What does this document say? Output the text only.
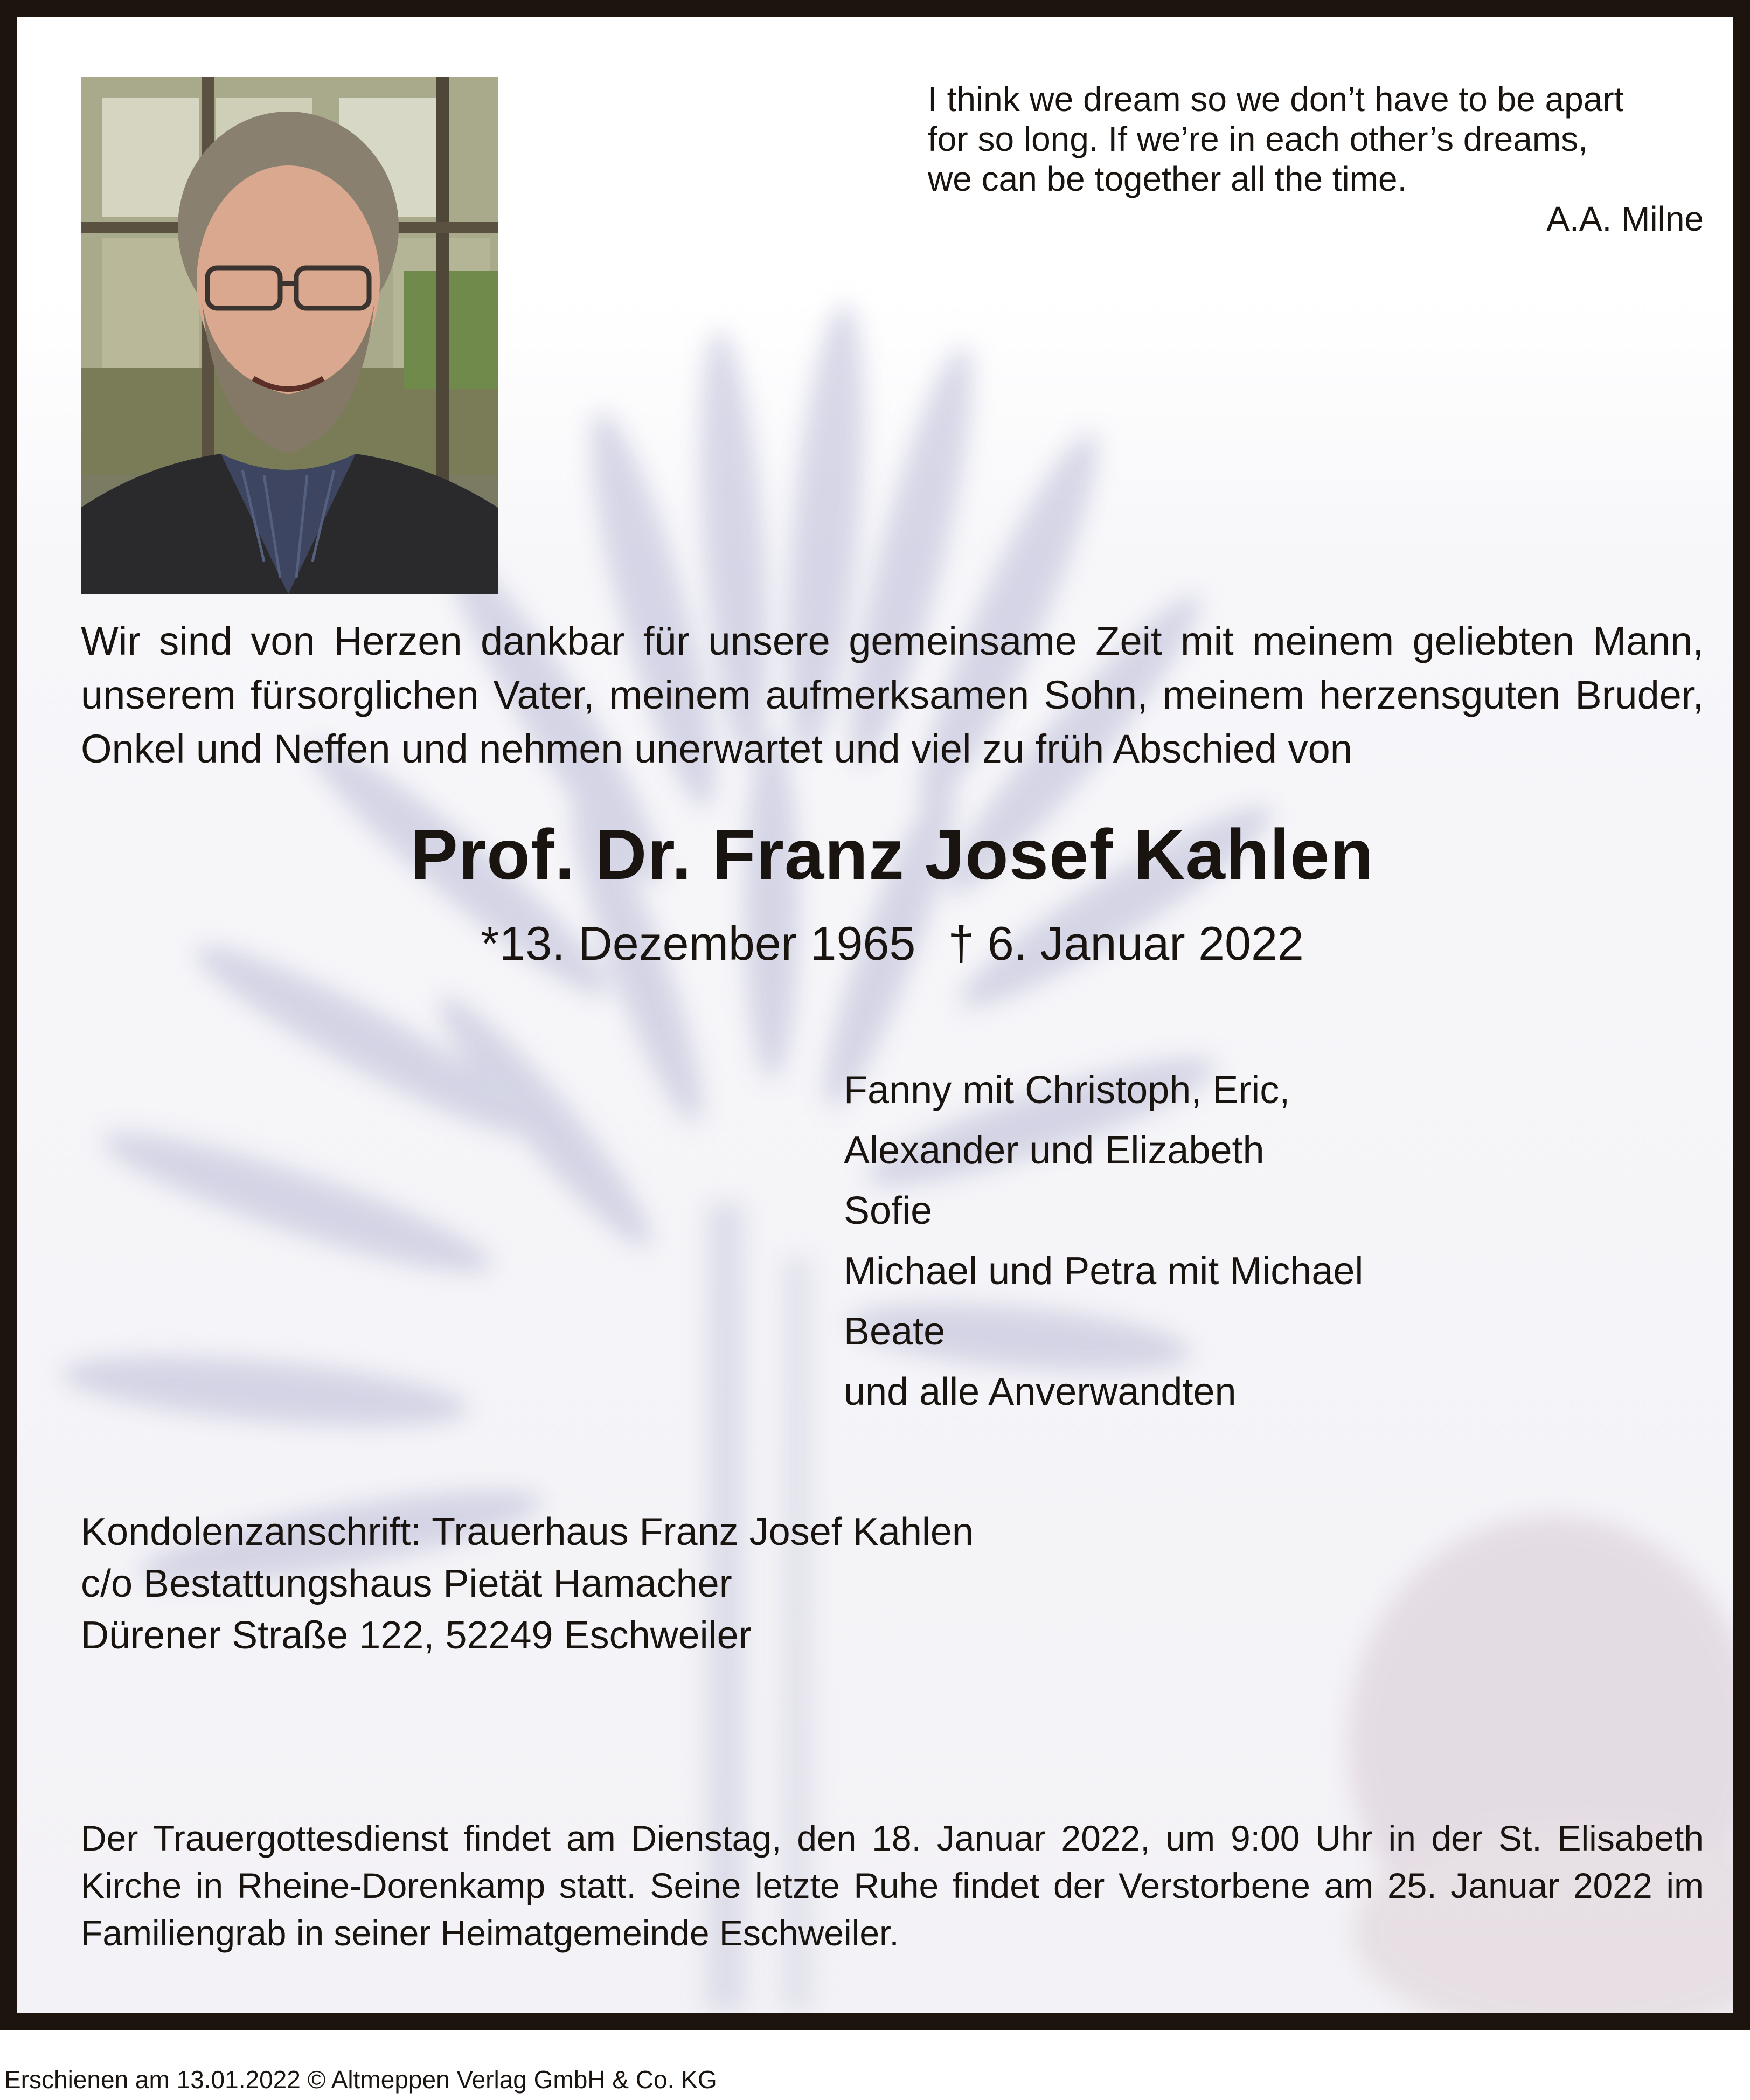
I think we dream so we don’t have to be apart
for so long. If we’re in each other’s dreams,
we can be together all the time.
A.A. Milne
Wir sind von Herzen dankbar für unsere gemeinsame Zeit mit meinem geliebten Mann, unserem fürsorglichen Vater, meinem aufmerksamen Sohn, meinem herzensguten Bruder, Onkel und Neffen und nehmen unerwartet und viel zu früh Abschied von
Prof. Dr. Franz Josef Kahlen
*13. Dezember 1965 † 6. Januar 2022
Fanny mit Christoph, Eric,
Alexander und Elizabeth
Sofie
Michael und Petra mit Michael
Beate
und alle Anverwandten
Kondolenzanschrift: Trauerhaus Franz Josef Kahlen
c/o Bestattungshaus Pietät Hamacher
Dürener Straße 122, 52249 Eschweiler
Der Trauergottesdienst findet am Dienstag, den 18. Januar 2022, um 9:00 Uhr in der St. Elisabeth Kirche in Rheine-Dorenkamp statt. Seine letzte Ruhe findet der Verstorbene am 25. Januar 2022 im Familiengrab in seiner Heimatgemeinde Eschweiler.
Erschienen am 13.01.2022 © Altmeppen Verlag GmbH & Co. KG
